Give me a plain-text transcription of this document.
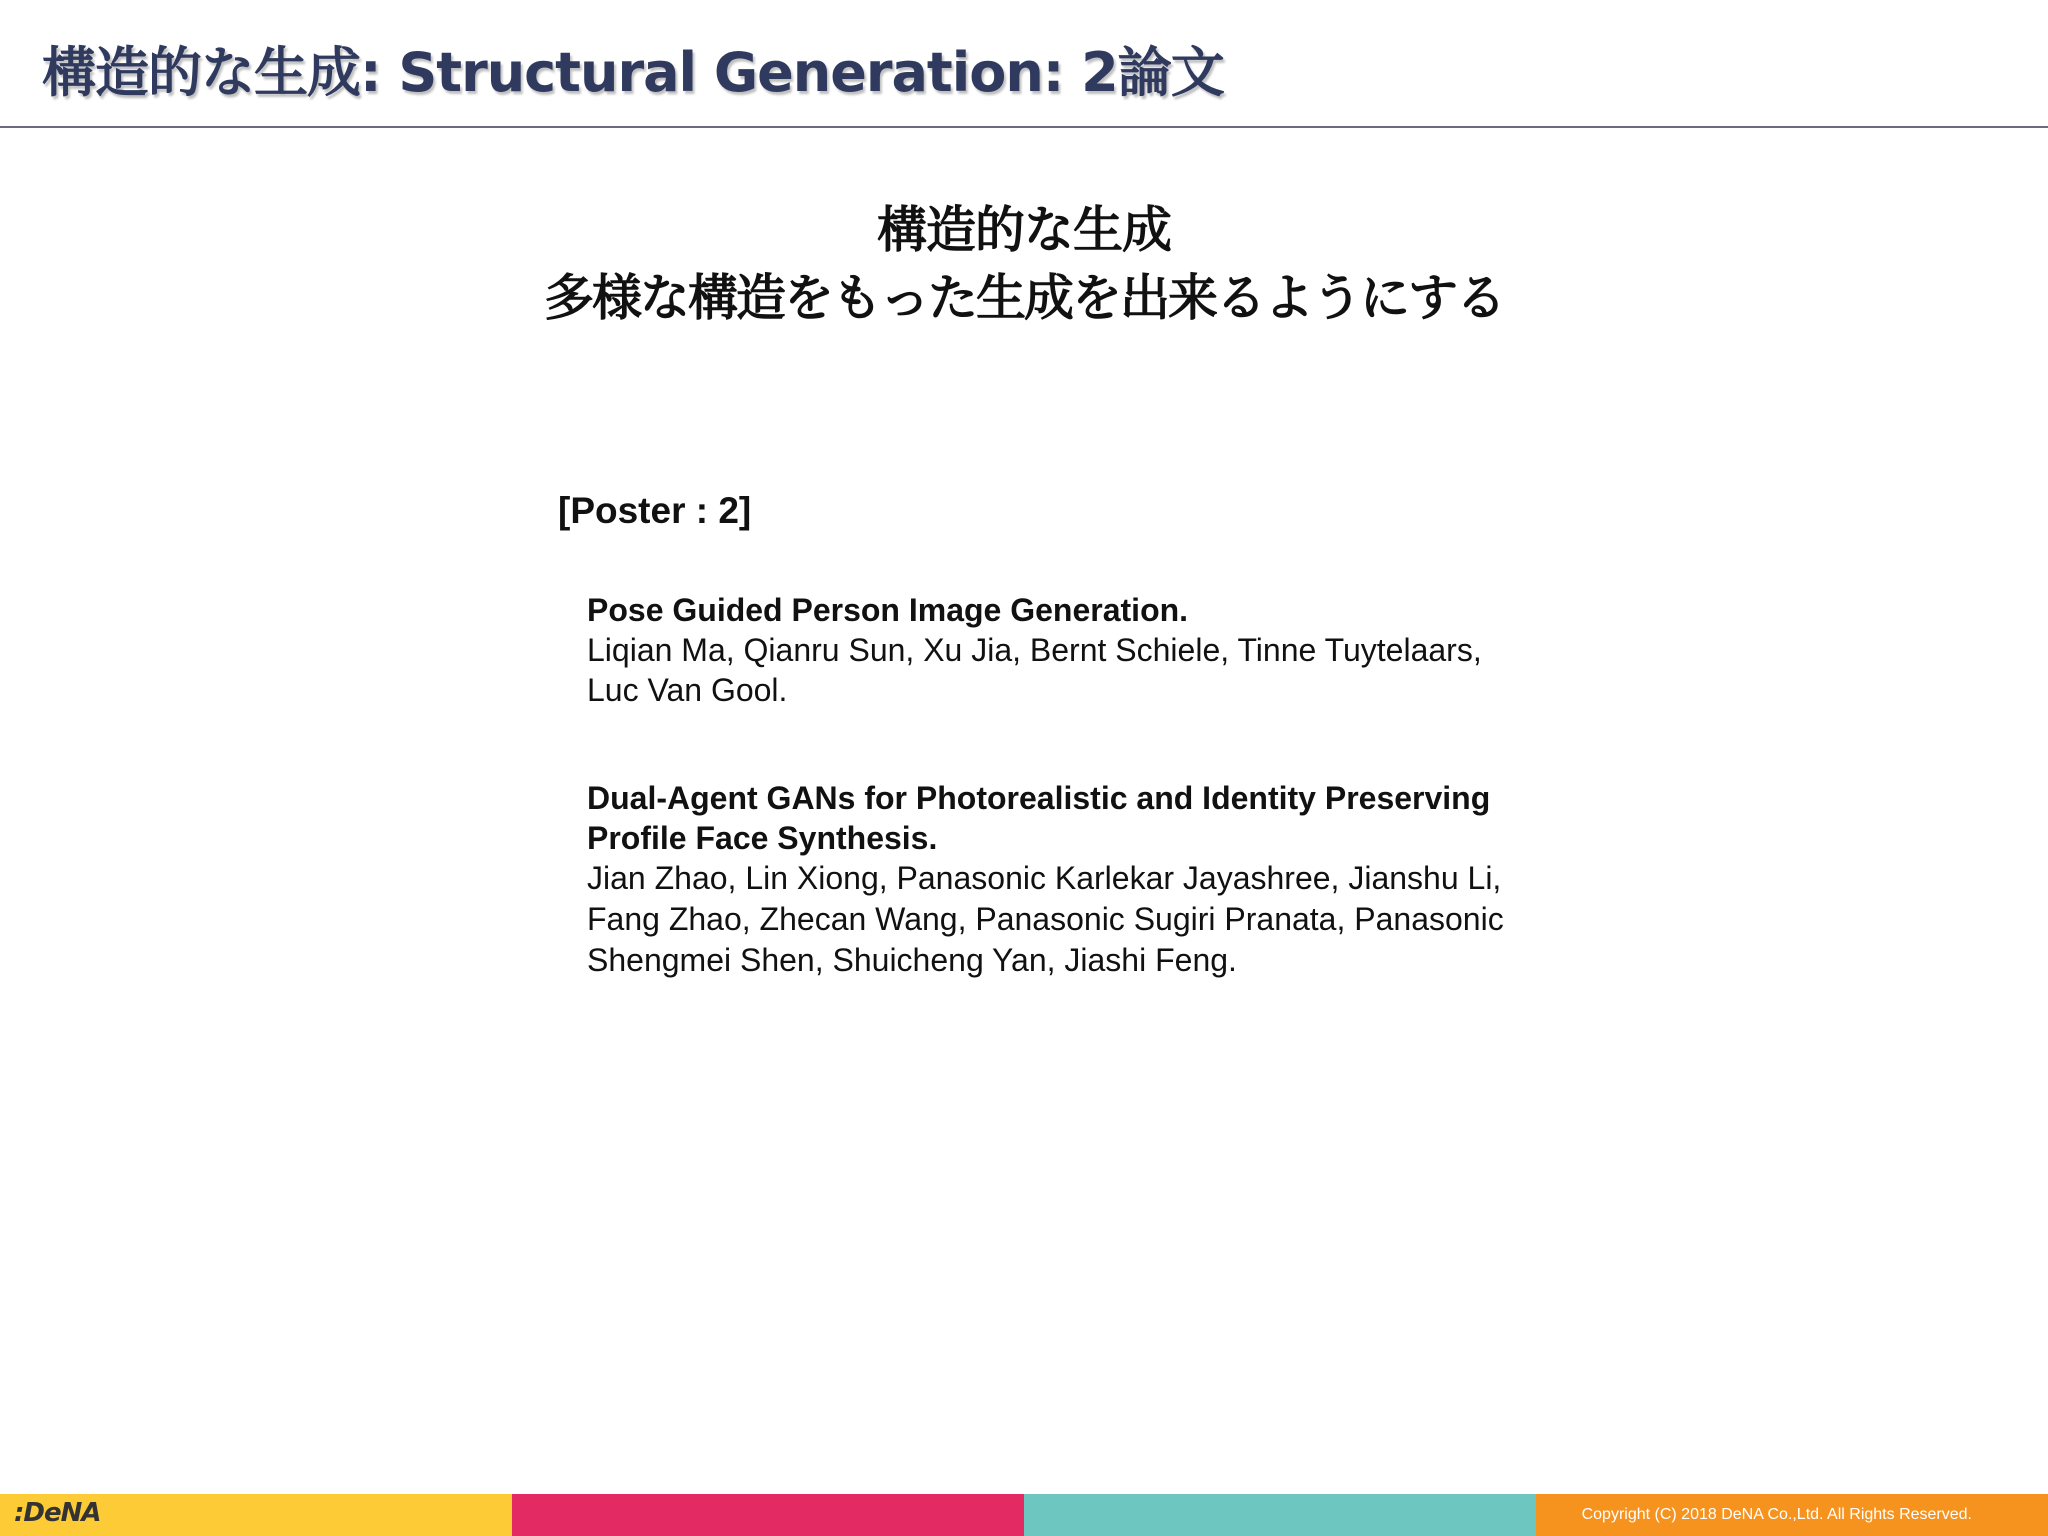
構造的な生成: Structural Generation: 2論文
構造的な生成
多様な構造をもった生成を出来るようにする
[Poster : 2]
Pose Guided Person Image Generation.
Liqian Ma, Qianru Sun, Xu Jia, Bernt Schiele, Tinne Tuytelaars,
Luc Van Gool.
Dual-Agent GANs for Photorealistic and Identity Preserving
Profile Face Synthesis.
Jian Zhao, Lin Xiong, Panasonic Karlekar Jayashree, Jianshu Li,
Fang Zhao, Zhecan Wang, Panasonic Sugiri Pranata, Panasonic
Shengmei Shen, Shuicheng Yan, Jiashi Feng.
:DeNA	Copyright (C) 2018 DeNA Co.,Ltd. All Rights Reserved.
